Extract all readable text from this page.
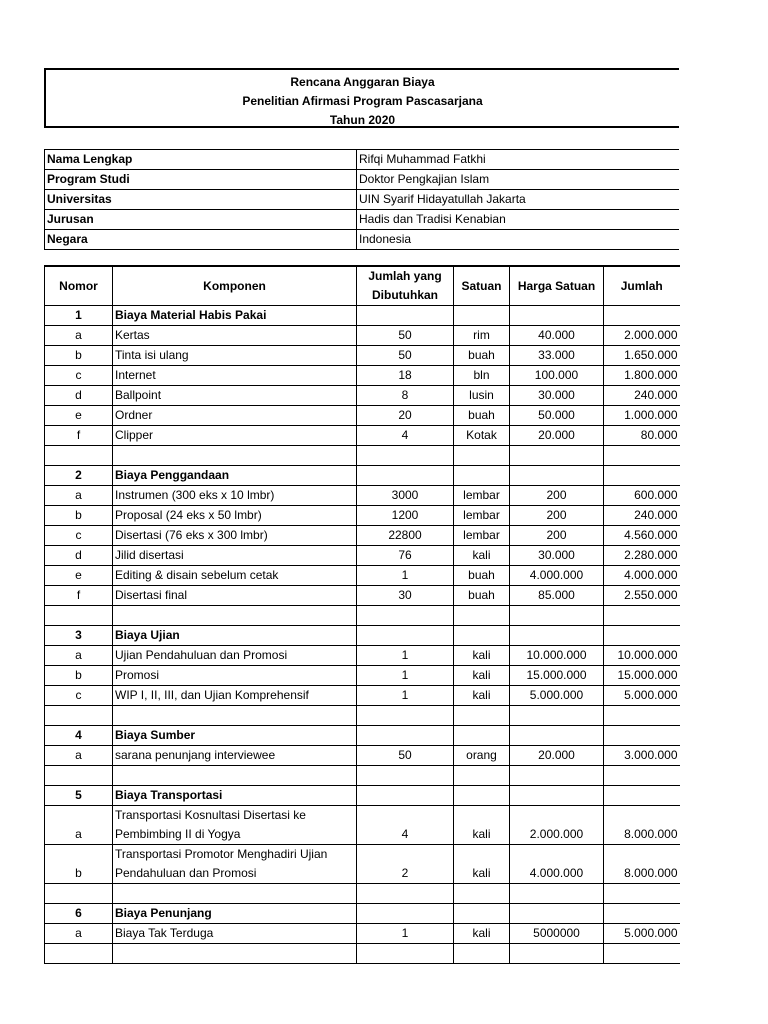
Rencana Anggaran Biaya
Penelitian Afirmasi Program Pascasarjana
Tahun 2020
Nama Lengkap	Rifqi Muhammad Fatkhi
Program Studi	Doktor Pengkajian Islam
Universitas	UIN Syarif Hidayatullah Jakarta
Jurusan	Hadis dan Tradisi Kenabian
Negara	Indonesia
Nomor	Komponen	Jumlah yang Dibutuhkan	Satuan	Harga Satuan	Jumlah
1	Biaya Material Habis Pakai				
a	Kertas	50	rim	40.000	2.000.000
b	Tinta isi ulang	50	buah	33.000	1.650.000
c	Internet	18	bln	100.000	1.800.000
d	Ballpoint	8	lusin	30.000	240.000
e	Ordner	20	buah	50.000	1.000.000
f	Clipper	4	Kotak	20.000	80.000

2	Biaya Penggandaan				
a	Instrumen (300 eks x 10 lmbr)	3000	lembar	200	600.000
b	Proposal (24 eks x 50 lmbr)	1200	lembar	200	240.000
c	Disertasi (76 eks x 300 lmbr)	22800	lembar	200	4.560.000
d	Jilid disertasi	76	kali	30.000	2.280.000
e	Editing & disain sebelum cetak	1	buah	4.000.000	4.000.000
f	Disertasi final	30	buah	85.000	2.550.000

3	Biaya Ujian				
a	Ujian Pendahuluan dan Promosi	1	kali	10.000.000	10.000.000
b	Promosi	1	kali	15.000.000	15.000.000
c	WIP I, II, III, dan Ujian Komprehensif	1	kali	5.000.000	5.000.000

4	Biaya Sumber				
a	sarana penunjang interviewee	50	orang	20.000	3.000.000

5	Biaya Transportasi				
a	Transportasi Kosnultasi Disertasi ke Pembimbing II di Yogya	4	kali	2.000.000	8.000.000
b	Transportasi Promotor Menghadiri Ujian Pendahuluan dan Promosi	2	kali	4.000.000	8.000.000

6	Biaya Penunjang				
a	Biaya Tak Terduga	1	kali	5000000	5.000.000
